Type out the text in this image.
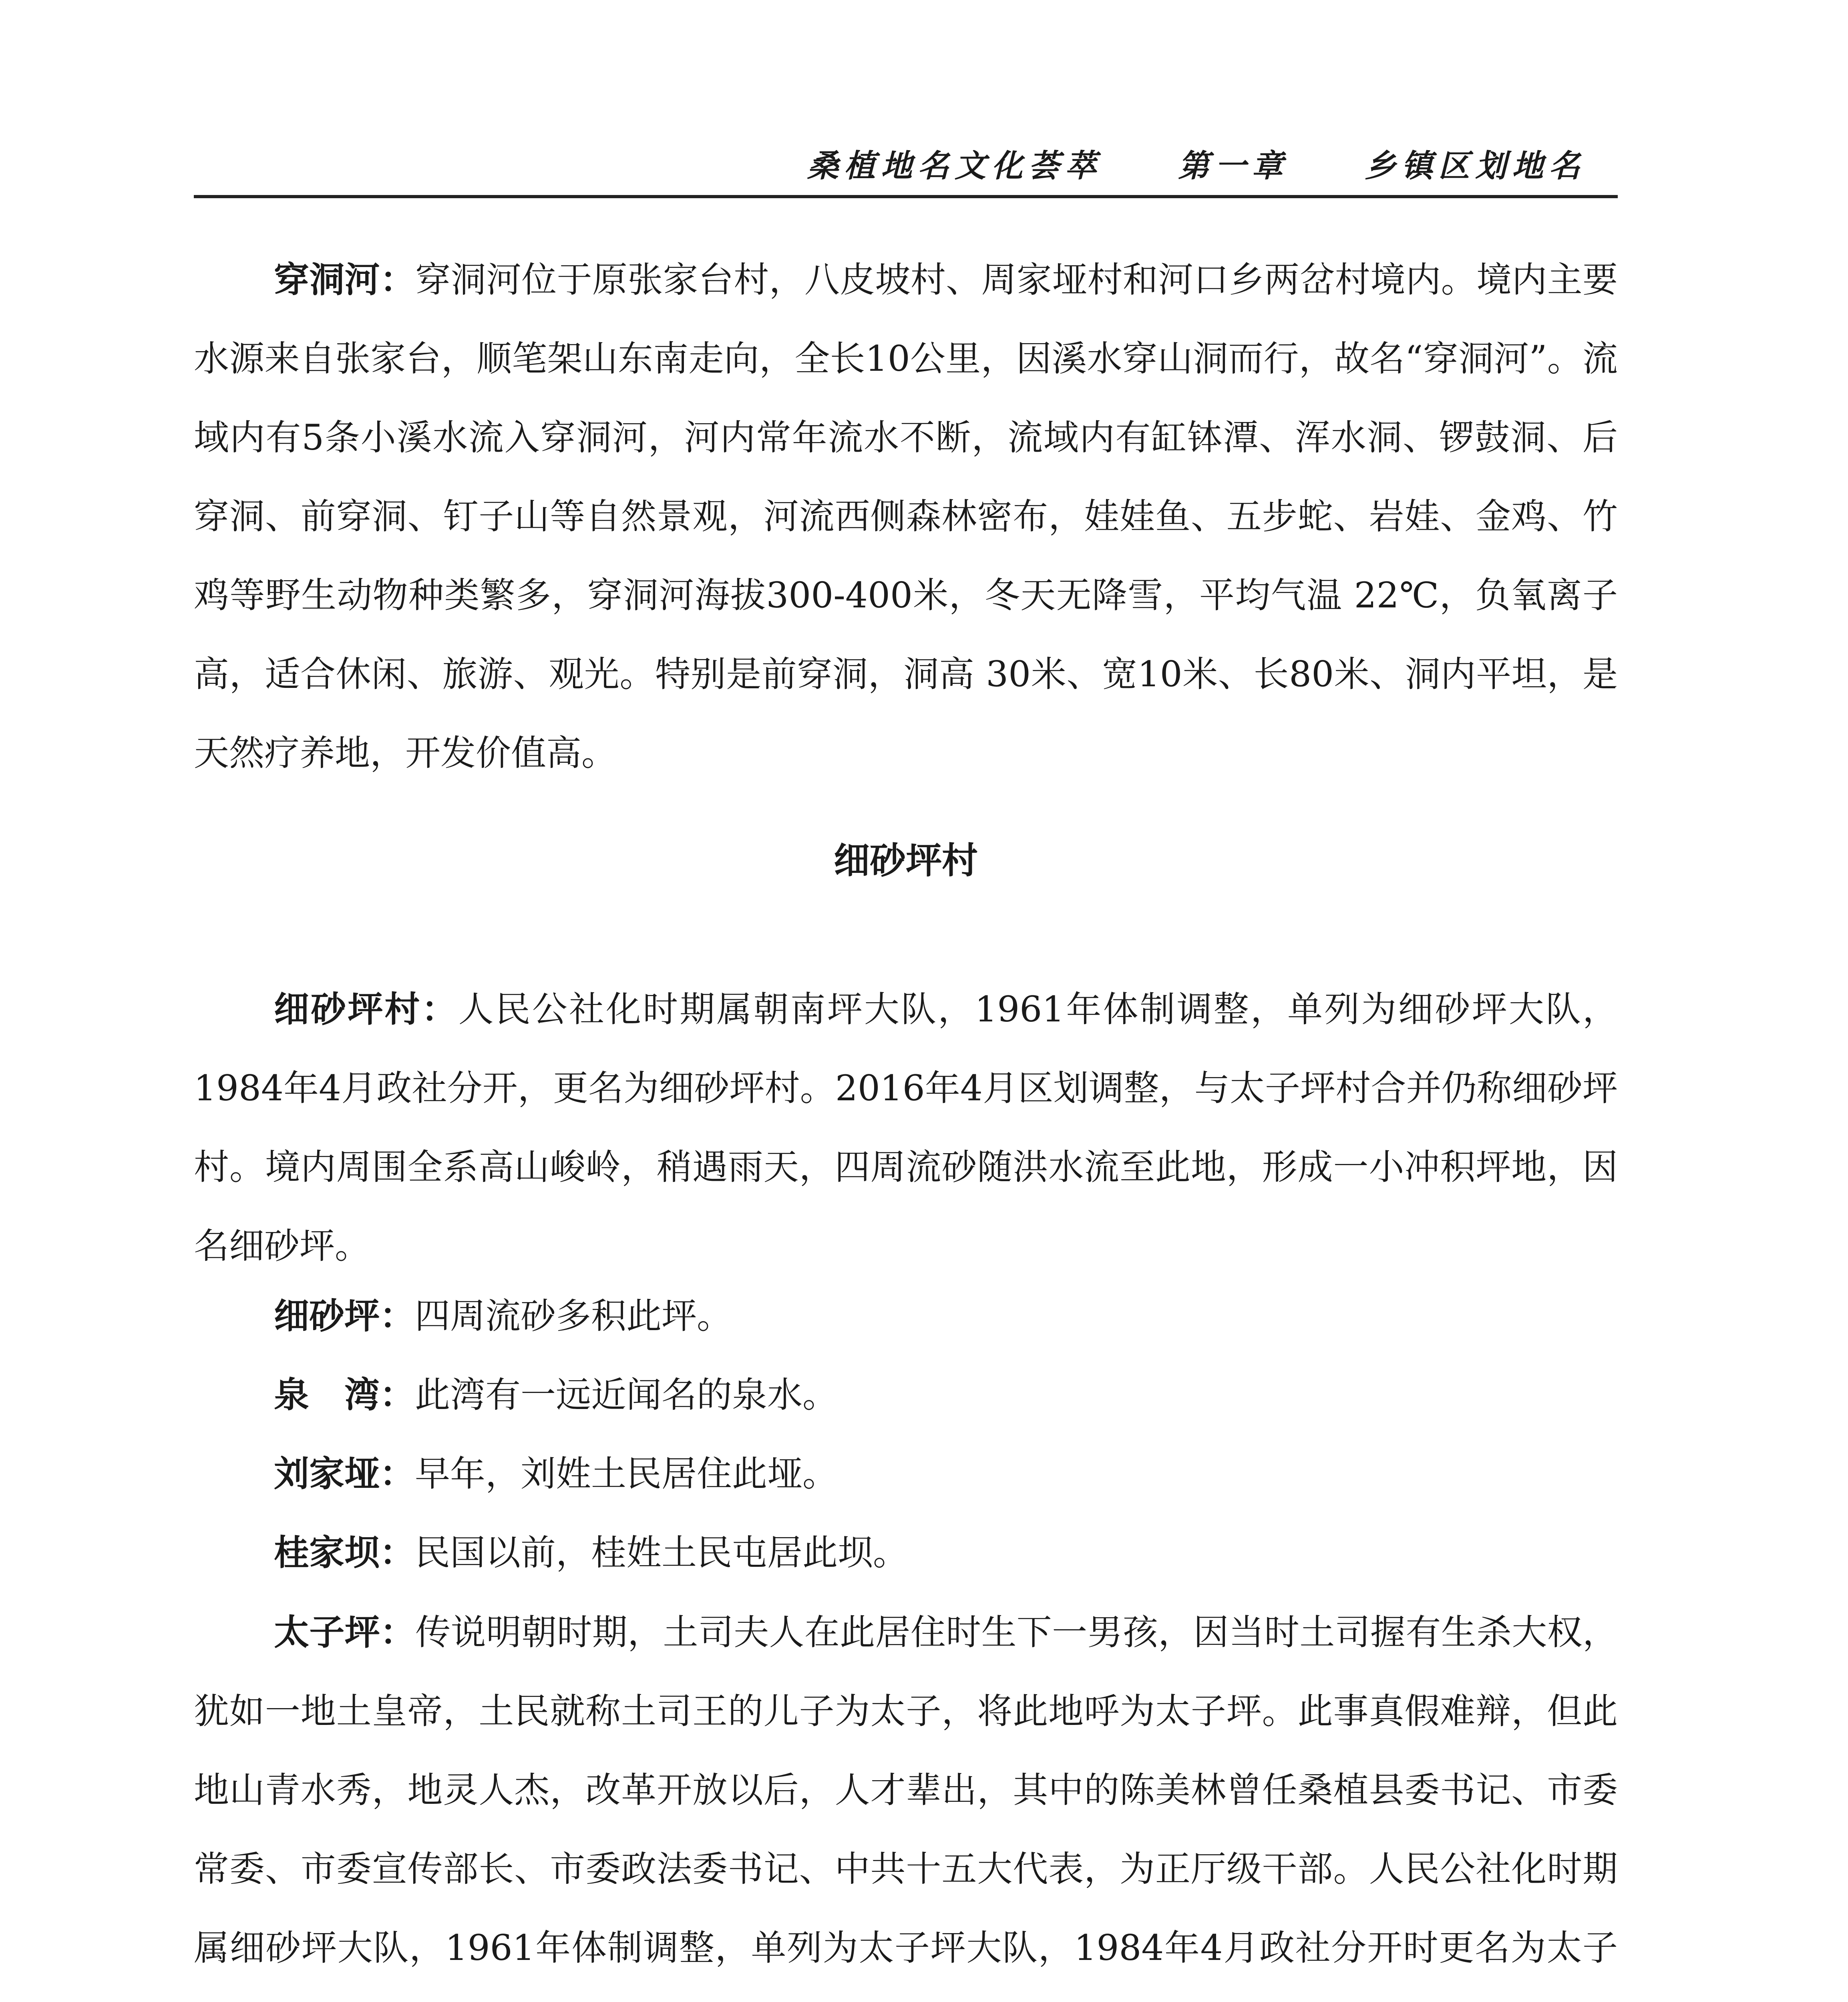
桑植地名文化荟萃 第一章 乡镇区划地名

穿洞河：穿洞河位于原张家台村，八皮坡村、周家垭村和河口乡两岔村境内。境内主要水源来自张家台，顺笔架山东南走向，全长10公里，因溪水穿山洞而行，故名“穿洞河”。流域内有5条小溪水流入穿洞河，河内常年流水不断，流域内有缸钵潭、浑水洞、锣鼓洞、后穿洞、前穿洞、钉子山等自然景观，河流西侧森林密布，娃娃鱼、五步蛇、岩娃、金鸡、竹鸡等野生动物种类繁多，穿洞河海拔300-400米，冬天无降雪，平均气温 22℃，负氧离子高，适合休闲、旅游、观光。特别是前穿洞，洞高 30米、宽10米、长80米、洞内平坦，是天然疗养地，开发价值高。

细砂坪村

细砂坪村：人民公社化时期属朝南坪大队，1961年体制调整，单列为细砂坪大队，1984年4月政社分开，更名为细砂坪村。2016年4月区划调整，与太子坪村合并仍称细砂坪村。境内周围全系高山峻岭，稍遇雨天，四周流砂随洪水流至此地，形成一小冲积坪地，因名细砂坪。

细砂坪：四周流砂多积此坪。

泉　湾：此湾有一远近闻名的泉水。

刘家垭：早年，刘姓土民居住此垭。

桂家坝：民国以前，桂姓土民屯居此坝。

太子坪：传说明朝时期，土司夫人在此居住时生下一男孩，因当时土司握有生杀大权，犹如一地土皇帝，土民就称土司王的儿子为太子，将此地呼为太子坪。此事真假难辩，但此地山青水秀，地灵人杰，改革开放以后，人才辈出，其中的陈美林曾任桑植县委书记、市委常委、市委宣传部长、市委政法委书记、中共十五大代表，为正厅级干部。人民公社化时期属细砂坪大队，1961年体制调整，单列为太子坪大队，1984年4月政社分开时更名为太子
